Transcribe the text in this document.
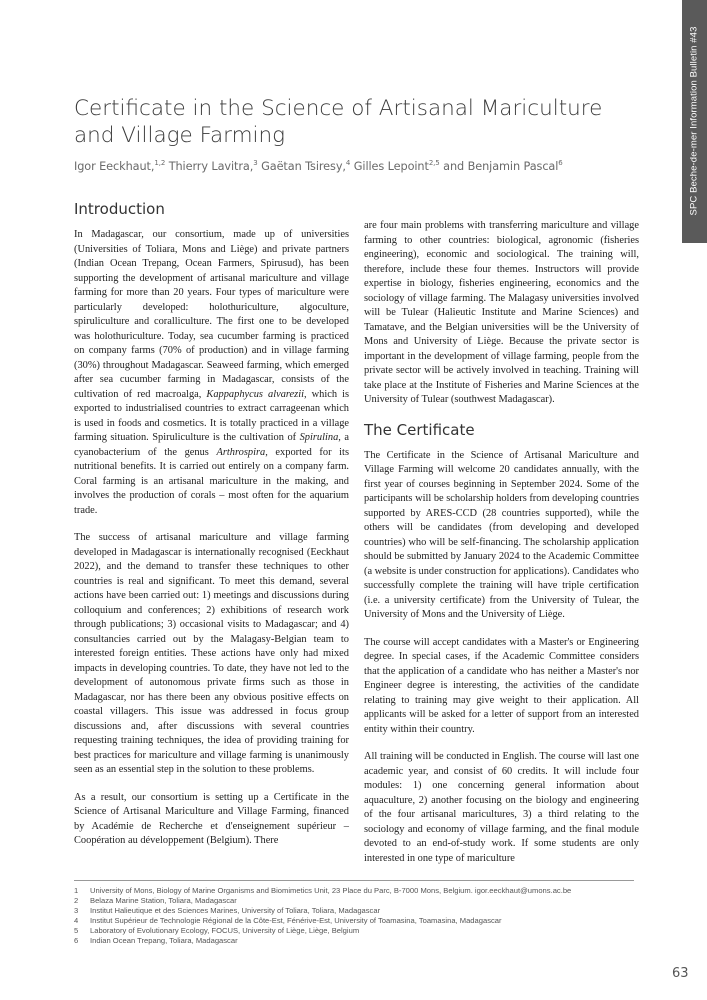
SPC Beche-de-mer Information Bulletin #43
Certificate in the Science of Artisanal Mariculture and Village Farming
Igor Eeckhaut,$^{1,2}$ Thierry Lavitra,$^3$ Gaëtan Tsiresy,$^4$ Gilles Lepoint$^{2,5}$ and Benjamin Pascal$^6$
Introduction

In Madagascar, our consortium, made up of universities (Universities of Toliara, Mons and Liège) and private partners (Indian Ocean Trepang, Ocean Farmers, Spirusud), has been supporting the development of artisanal mariculture and village farming for more than 20 years. Four types of mariculture were particularly developed: holothuriculture, algoculture, spiruliculture and coralliculture. The first one to be developed was holothuriculture. Today, sea cucumber farming is practiced on company farms (70% of production) and in village farming (30%) throughout Madagascar. Seaweed farming, which emerged after sea cucumber farming in Madagascar, consists of the cultivation of red macroalga, Kappaphycus alvarezii, which is exported to industrialised countries to extract carrageenan which is used in foods and cosmetics. It is totally practiced in a village farming situation. Spiruliculture is the cultivation of Spirulina, a cyanobacterium of the genus Arthrospira, exported for its nutritional benefits. It is carried out entirely on a company farm. Coral farming is an artisanal mariculture in the making, and involves the production of corals – most often for the aquarium trade.

The success of artisanal mariculture and village farming developed in Madagascar is internationally recognised (Eeckhaut 2022), and the demand to transfer these techniques to other countries is real and significant. To meet this demand, several actions have been carried out: 1) meetings and discussions during colloquium and conferences; 2) exhibitions of research work through publications; 3) occasional visits to Madagascar; and 4) consultancies carried out by the Malagasy-Belgian team to interested foreign entities. These actions have only had mixed impacts in developing countries. To date, they have not led to the development of autonomous private firms such as those in Madagascar, nor has there been any obvious positive effects on coastal villagers. This issue was addressed in focus group discussions and, after discussions with several countries requesting training techniques, the idea of providing training for best practices for mariculture and village farming is unanimously seen as an essential step in the solution to these problems.

As a result, our consortium is setting up a Certificate in the Science of Artisanal Mariculture and Village Farming, financed by Académie de Recherche et d'enseignement supérieur – Coopération au développement (Belgium). There

are four main problems with transferring mariculture and village farming to other countries: biological, agronomic (fisheries engineering), economic and sociological. The training will, therefore, include these four themes. Instructors will provide expertise in biology, fisheries engineering, economics and the sociology of village farming. The Malagasy universities involved will be Tulear (Halieutic Institute and Marine Sciences) and Tamatave, and the Belgian universities will be the University of Mons and University of Liège. Because the private sector is important in the development of village farming, people from the private sector will be actively involved in teaching. Training will take place at the Institute of Fisheries and Marine Sciences at the University of Tulear (southwest Madagascar).

The Certificate

The Certificate in the Science of Artisanal Mariculture and Village Farming will welcome 20 candidates annually, with the first year of courses beginning in September 2024. Some of the participants will be scholarship holders from developing countries supported by ARES-CCD (28 countries supported), while the others will be candidates (from developing and developed countries) who will be self-financing. The scholarship application should be submitted by January 2024 to the Academic Committee (a website is under construction for applications). Candidates who successfully complete the training will have triple certification (i.e. a university certificate) from the University of Tulear, the University of Mons and the University of Liège.

The course will accept candidates with a Master's or Engineering degree. In special cases, if the Academic Committee considers that the application of a candidate who has neither a Master's nor Engineer degree is interesting, the activities of the candidate relating to training may give weight to their application. All applicants will be asked for a letter of support from an interested entity within their country.

All training will be conducted in English. The course will last one academic year, and consist of 60 credits. It will include four modules: 1) one concerning general information about aquaculture, 2) another focusing on the biology and engineering of the four artisanal maricultures, 3) a third relating to the sociology and economy of village farming, and the final module devoted to an end-of-study work. If some students are only interested in one type of mariculture

1	University of Mons, Biology of Marine Organisms and Biomimetics Unit, 23 Place du Parc, B-7000 Mons, Belgium. igor.eeckhaut@umons.ac.be
2	Belaza Marine Station, Toliara, Madagascar
3	Institut Halieutique et des Sciences Marines, University of Toliara, Toliara, Madagascar
4	Institut Supérieur de Technologie Régional de la Côte-Est, Fénérive-Est, University of Toamasina, Toamasina, Madagascar
5	Laboratory of Evolutionary Ecology, FOCUS, University of Liège, Liège, Belgium
6	Indian Ocean Trepang, Toliara, Madagascar
63
